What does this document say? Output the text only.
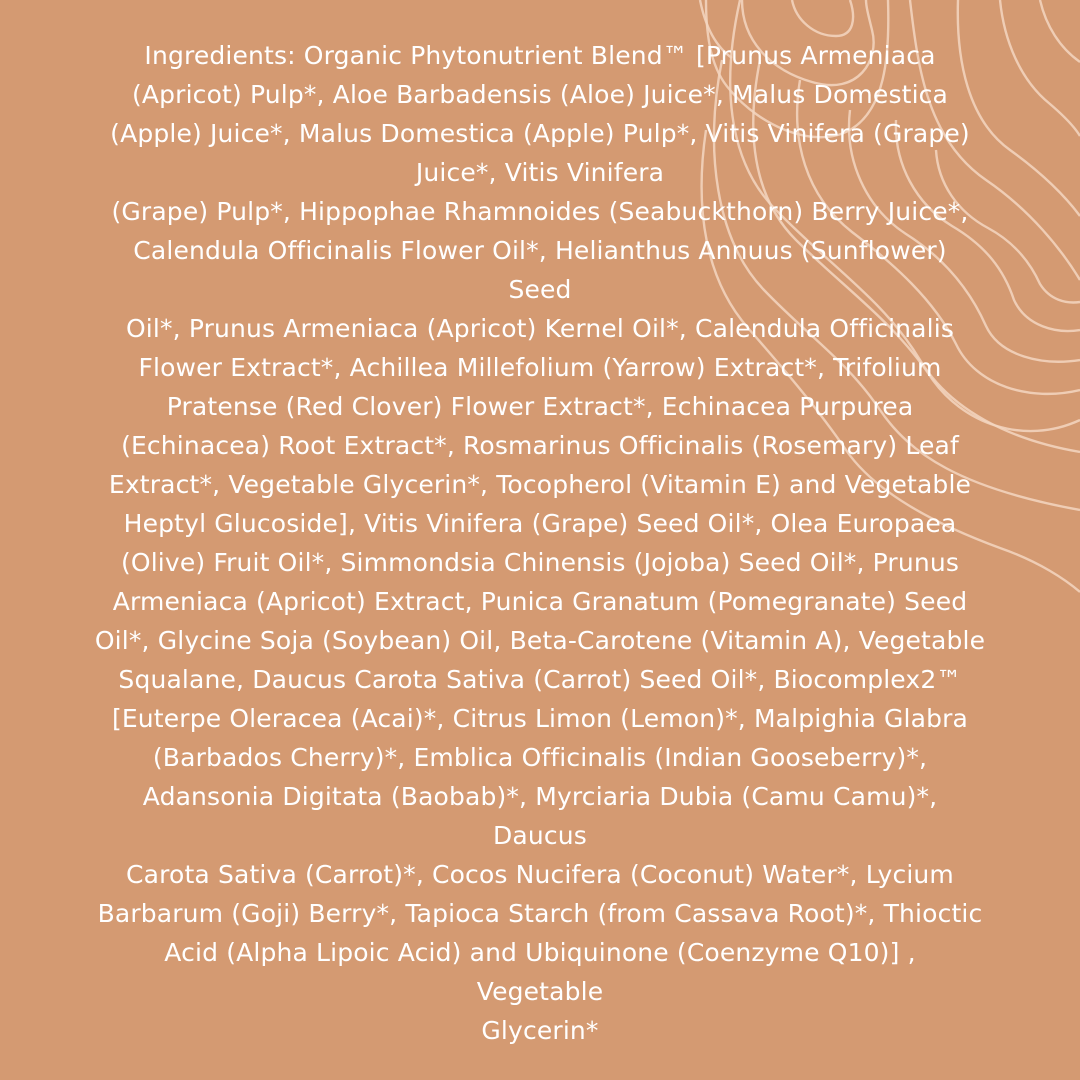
Ingredients: Organic Phytonutrient Blend™ [Prunus Armeniaca
(Apricot) Pulp*, Aloe Barbadensis (Aloe) Juice*, Malus Domestica
(Apple) Juice*, Malus Domestica (Apple) Pulp*, Vitis Vinifera (Grape)
Juice*, Vitis Vinifera
(Grape) Pulp*, Hippophae Rhamnoides (Seabuckthorn) Berry Juice*,
Calendula Officinalis Flower Oil*, Helianthus Annuus (Sunflower)
Seed
Oil*, Prunus Armeniaca (Apricot) Kernel Oil*, Calendula Officinalis
Flower Extract*, Achillea Millefolium (Yarrow) Extract*, Trifolium
Pratense (Red Clover) Flower Extract*, Echinacea Purpurea
(Echinacea) Root Extract*, Rosmarinus Officinalis (Rosemary) Leaf
Extract*, Vegetable Glycerin*, Tocopherol (Vitamin E) and Vegetable
Heptyl Glucoside], Vitis Vinifera (Grape) Seed Oil*, Olea Europaea
(Olive) Fruit Oil*, Simmondsia Chinensis (Jojoba) Seed Oil*, Prunus
Armeniaca (Apricot) Extract, Punica Granatum (Pomegranate) Seed
Oil*, Glycine Soja (Soybean) Oil, Beta-Carotene (Vitamin A), Vegetable
Squalane, Daucus Carota Sativa (Carrot) Seed Oil*, Biocomplex2™
[Euterpe Oleracea (Acai)*, Citrus Limon (Lemon)*, Malpighia Glabra
(Barbados Cherry)*, Emblica Officinalis (Indian Gooseberry)*,
Adansonia Digitata (Baobab)*, Myrciaria Dubia (Camu Camu)*,
Daucus
Carota Sativa (Carrot)*, Cocos Nucifera (Coconut) Water*, Lycium
Barbarum (Goji) Berry*, Tapioca Starch (from Cassava Root)*, Thioctic
Acid (Alpha Lipoic Acid) and Ubiquinone (Coenzyme Q10)] ,
Vegetable
Glycerin*
